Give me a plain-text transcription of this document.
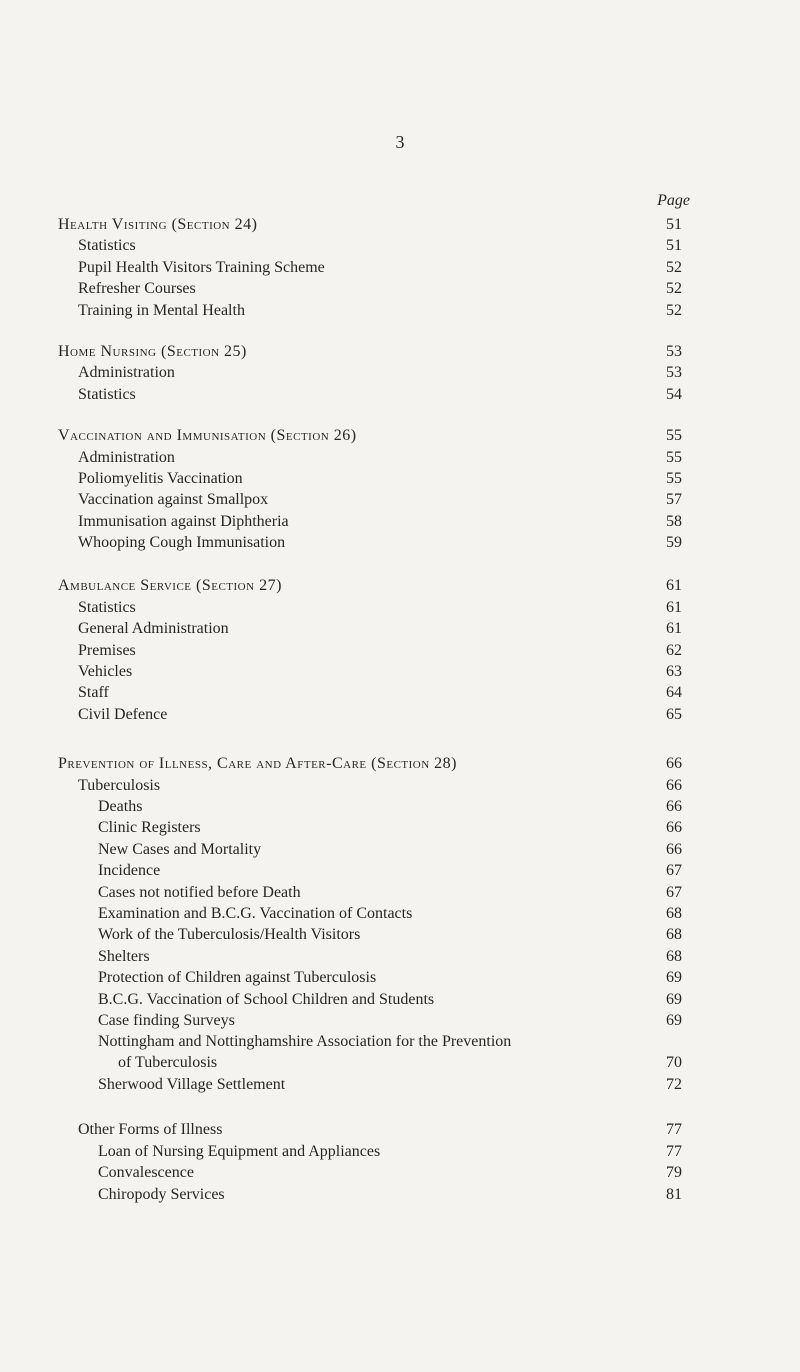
3
Page
Health Visiting (Section 24)	51
Statistics	51
Pupil Health Visitors Training Scheme	52
Refresher Courses	52
Training in Mental Health	52
Home Nursing (Section 25)	53
Administration	53
Statistics	54
Vaccination and Immunisation (Section 26)	55
Administration	55
Poliomyelitis Vaccination	55
Vaccination against Smallpox	57
Immunisation against Diphtheria	58
Whooping Cough Immunisation	59
Ambulance Service (Section 27)	61
Statistics	61
General Administration	61
Premises	62
Vehicles	63
Staff	64
Civil Defence	65
Prevention of Illness, Care and After-Care (Section 28)	66
Tuberculosis	66
Deaths	66
Clinic Registers	66
New Cases and Mortality	66
Incidence	67
Cases not notified before Death	67
Examination and B.C.G. Vaccination of Contacts	68
Work of the Tuberculosis/Health Visitors	68
Shelters	68
Protection of Children against Tuberculosis	69
B.C.G. Vaccination of School Children and Students	69
Case finding Surveys	69
Nottingham and Nottinghamshire Association for the Prevention
of Tuberculosis	70
Sherwood Village Settlement	72
Other Forms of Illness	77
Loan of Nursing Equipment and Appliances	77
Convalescence	79
Chiropody Services	81
